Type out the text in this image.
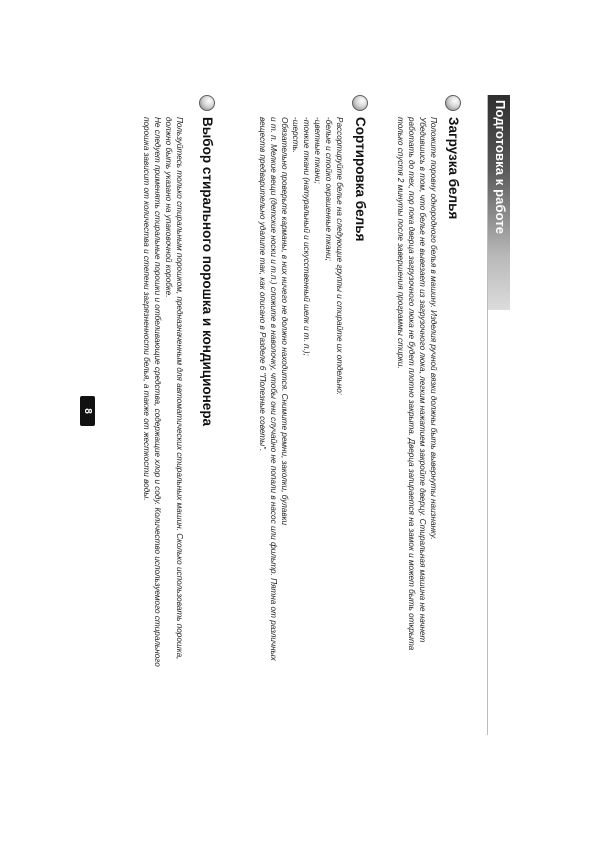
Подготовка к работе
Загрузка белья
Положите поровну однородного белья в машину. Изделия ручной вязки должны быть вывернуты наизнанку.
Убедившись в том, что белье не вывезает из загрузочного люка, легким нажатием закройте дверцу. Стиральная машина не начнет
работать до тех, пор пока дверца загрузочного люка не будет плотно закрыта. Дверца запирается на замок и может быть открыта
только спустя 2 минуты после завершения программы стирки.
Сортировка белья
Рассортируйте белье на следующие группы и стирайте их отдельно:
-белые и стойко окрашенные ткани;
-цветные ткани;
-тонкие ткани (натуральный и искусственный шелк и т. п.);
-шерсть.
Обязательно проверьте карманы, в них ничего не должно находится. Снимите ремни, заколки, булавки
и т. п. Мелкие вещи (детские носки и т.п.) сложите в наволочку, чтобы они случайно не попали в насос или фильтр. Пятна от различных
веществ предварительно удалите так, как описано в Разделе 6 "Полезные советы".
Выбор стирального порошка и кондиционера
Пользуйтесь только стиральным порошком, предназначенным для автоматических стиральных машин. Сколько использовать порошка,
должно быть указано на упаковочной коробке.
Не следует применять стиральные порошки и отбеливающие средства, содержащие хлор и соду. Количество используемого стирального
порошка зависит от количества и степени загрязненности белья, а также от жесткости воды.
8
